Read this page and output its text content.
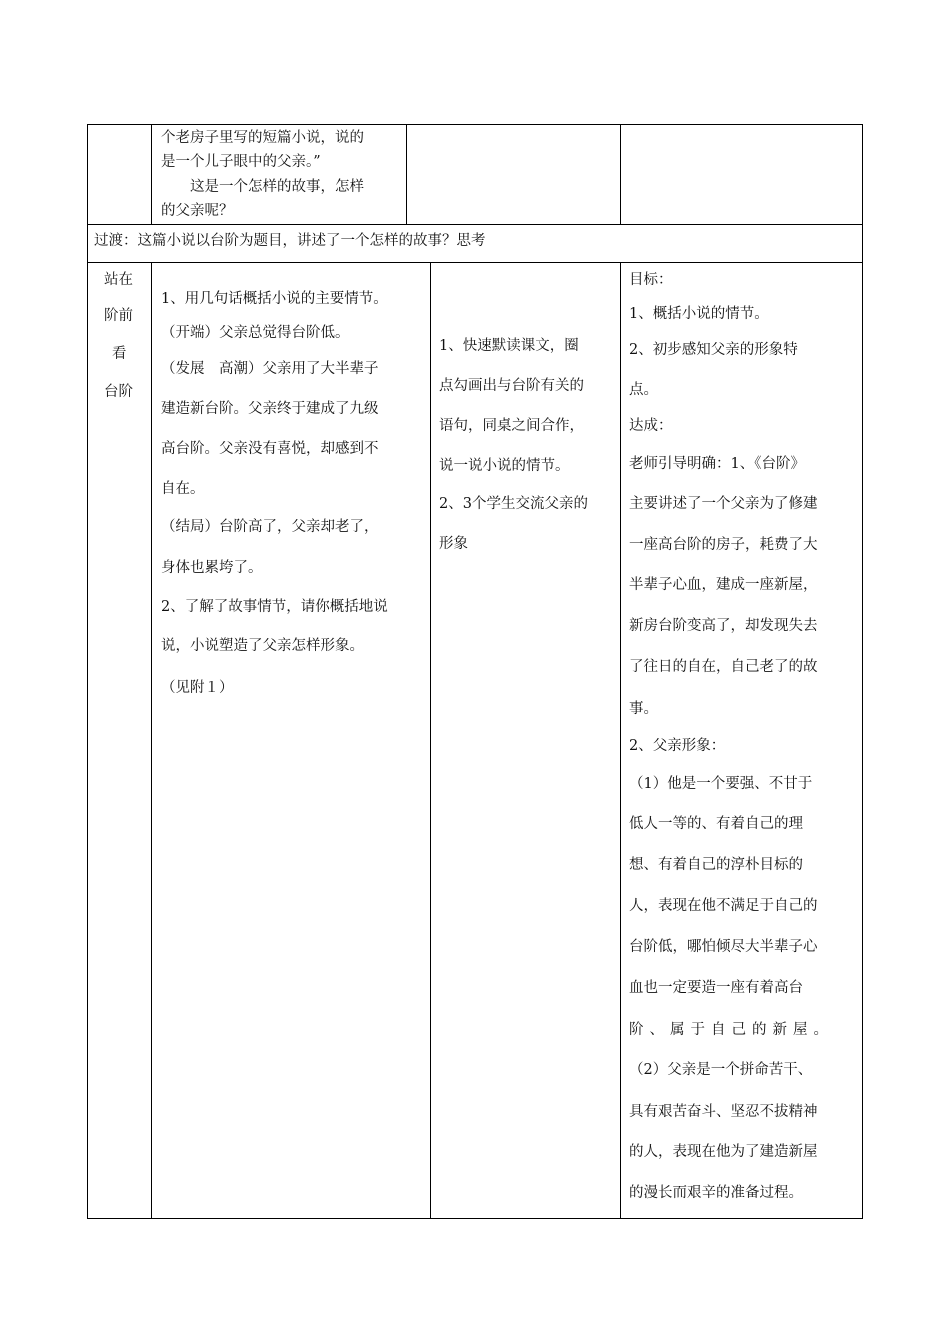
个老房子里写的短篇小说，说的
是一个儿子眼中的父亲。”
　　这是一个怎样的故事，怎样
的父亲呢？
过渡：这篇小说以台阶为题目，讲述了一个怎样的故事？思考
站在
阶前
看
台阶
1、用几句话概括小说的主要情节。
（开端）父亲总觉得台阶低。
（发展　高潮）父亲用了大半辈子
建造新台阶。父亲终于建成了九级
高台阶。父亲没有喜悦，却感到不
自在。
（结局）台阶高了，父亲却老了，
身体也累垮了。
2、了解了故事情节，请你概括地说
说，小说塑造了父亲怎样形象。
（见附１）
1、快速默读课文，圈
点勾画出与台阶有关的
语句，同桌之间合作，
说一说小说的情节。
2、3个学生交流父亲的
形象
目标：
1、概括小说的情节。
2、初步感知父亲的形象特
点。
达成：
老师引导明确：1、《台阶》
主要讲述了一个父亲为了修建
一座高台阶的房子，耗费了大
半辈子心血，建成一座新屋，
新房台阶变高了，却发现失去
了往日的自在，自己老了的故
事。
2、父亲形象：
（1）他是一个要强、不甘于
低人一等的、有着自己的理
想、有着自己的淳朴目标的
人，表现在他不满足于自己的
台阶低，哪怕倾尽大半辈子心
血也一定要造一座有着高台
阶、属于自己的新屋。
（2）父亲是一个拼命苦干、
具有艰苦奋斗、坚忍不拔精神
的人，表现在他为了建造新屋
的漫长而艰辛的准备过程。
